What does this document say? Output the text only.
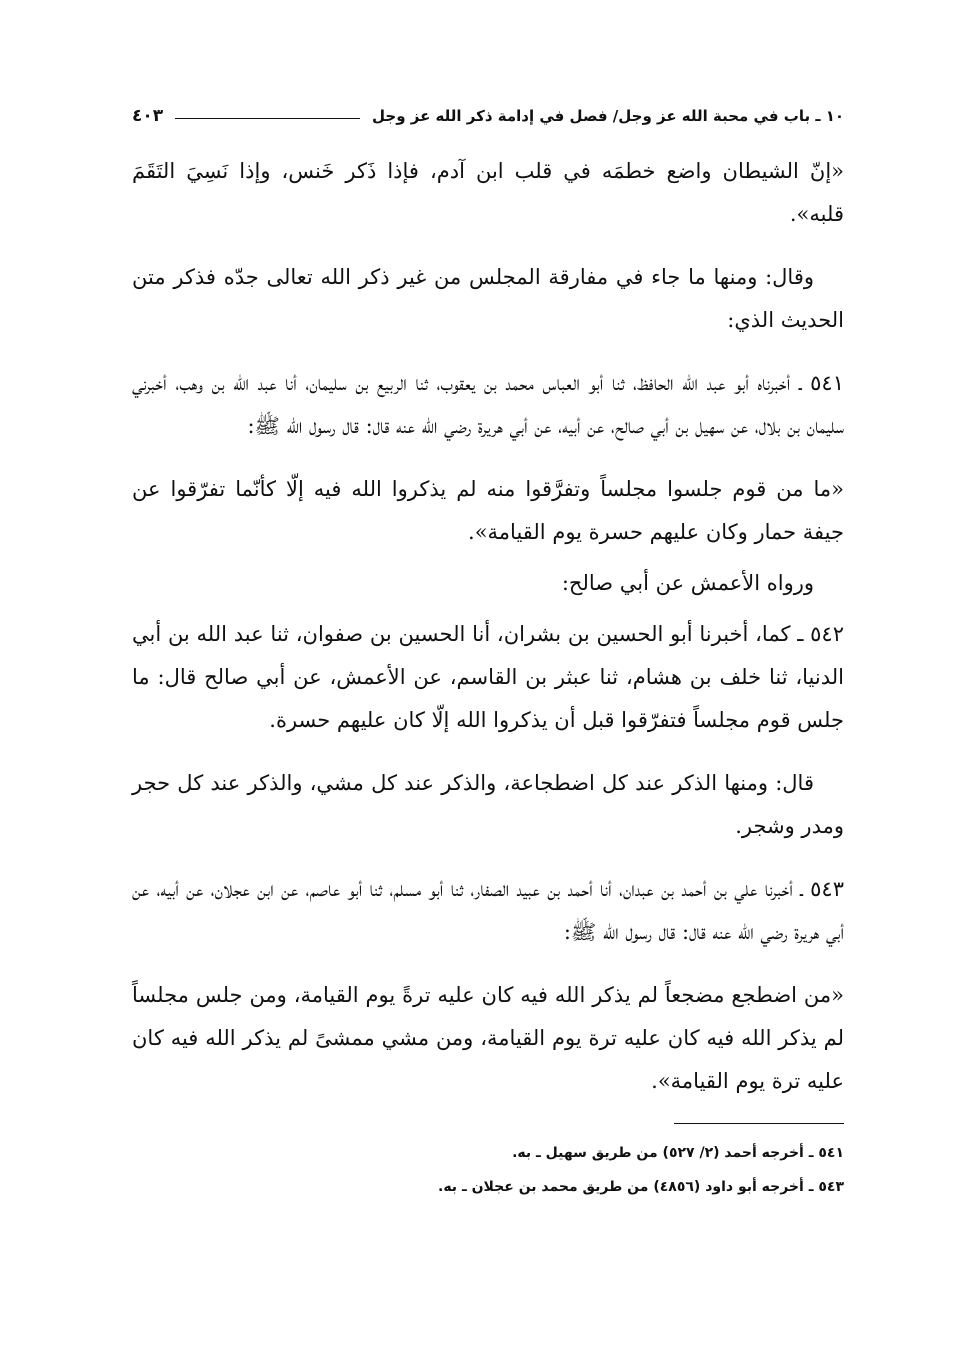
١٠ ـ باب في محبة الله عز وجل/ فصل في إدامة ذكر الله عز وجل
٤٠٣

«إنّ الشيطان واضع خطمَه في قلب ابن آدم، فإذا ذَكر خَنس، وإذا نَسِيَ التَقَمَ قلبه».

وقال: ومنها ما جاء في مفارقة المجلس من غير ذكر الله تعالى جدّه فذكر متن الحديث الذي:

٥٤١ ـ أخبرناه أبو عبد الله الحافظ، ثنا أبو العباس محمد بن يعقوب، ثنا الربيع بن سليمان، أنا عبد الله بن وهب، أخبرني سليمان بن بلال، عن سهيل بن أبي صالح، عن أبيه، عن أبي هريرة رضي الله عنه قال: قال رسول الله ﷺ:

«ما من قوم جلسوا مجلساً وتفرَّقوا منه لم يذكروا الله فيه إلّا كأنّما تفرّقوا عن جيفة حمار وكان عليهم حسرة يوم القيامة».

ورواه الأعمش عن أبي صالح:

٥٤٢ ـ كما، أخبرنا أبو الحسين بن بشران، أنا الحسين بن صفوان، ثنا عبد الله بن أبي الدنيا، ثنا خلف بن هشام، ثنا عبثر بن القاسم، عن الأعمش، عن أبي صالح قال: ما جلس قوم مجلساً فتفرّقوا قبل أن يذكروا الله إلّا كان عليهم حسرة.

قال: ومنها الذكر عند كل اضطجاعة، والذكر عند كل مشي، والذكر عند كل حجر ومدر وشجر.

٥٤٣ ـ أخبرنا علي بن أحمد بن عبدان، أنا أحمد بن عبيد الصفار، ثنا أبو مسلم، ثنا أبو عاصم، عن ابن عجلان، عن أبيه، عن أبي هريرة رضي الله عنه قال: قال رسول الله ﷺ:

«من اضطجع مضجعاً لم يذكر الله فيه كان عليه ترةً يوم القيامة، ومن جلس مجلساً لم يذكر الله فيه كان عليه ترة يوم القيامة، ومن مشي ممشىً لم يذكر الله فيه كان عليه ترة يوم القيامة».

٥٤١ ـ أخرجه أحمد (٢/ ٥٢٧) من طريق سهيل ـ به.
٥٤٣ ـ أخرجه أبو داود (٤٨٥٦) من طريق محمد بن عجلان ـ به.
